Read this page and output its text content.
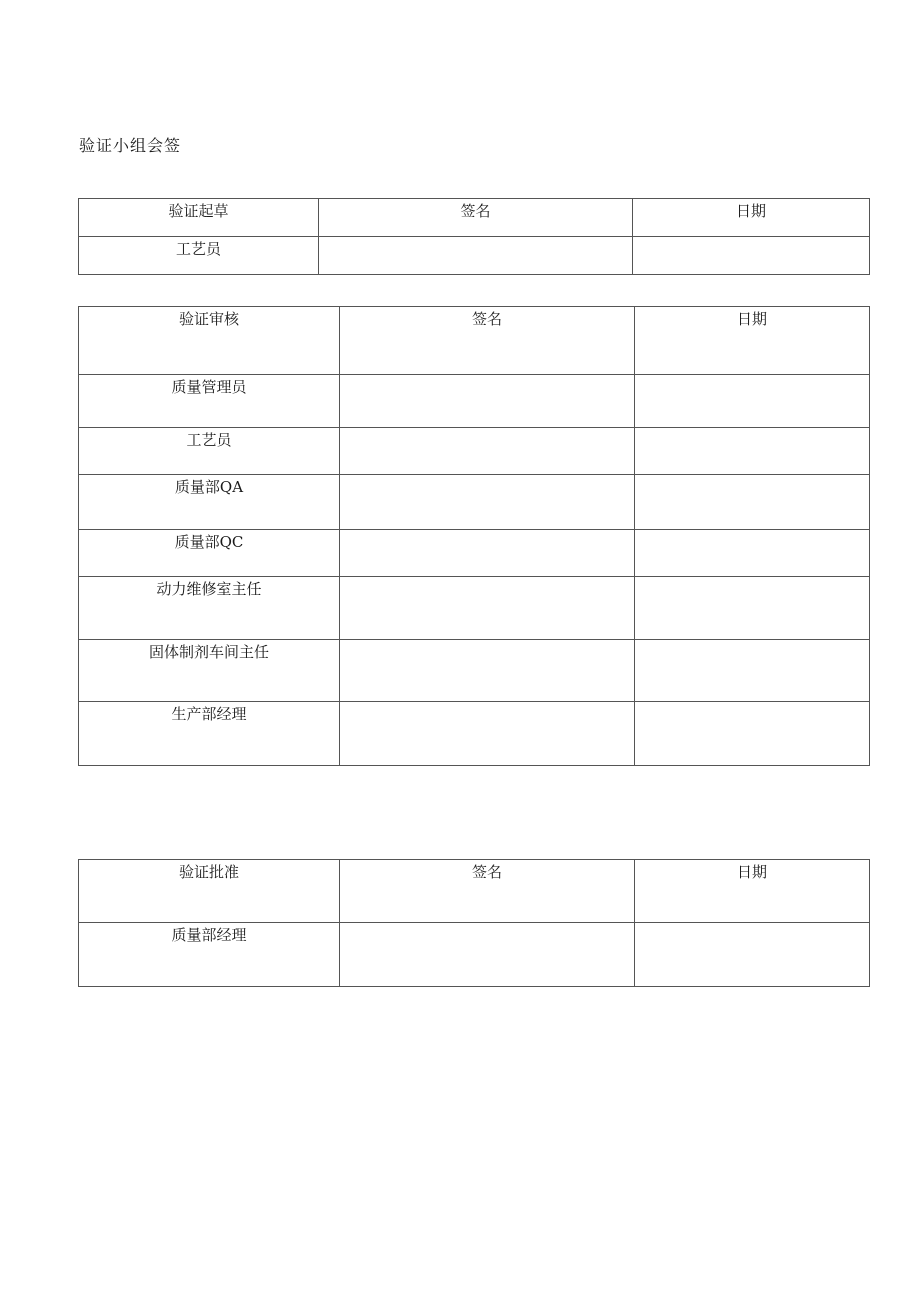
验证小组会签
验证起草	签名	日期

工艺员		

验证审核	签名	日期

质量管理员		

工艺员		

质量部QA		

质量部QC		

动力维修室主任		

固体制剂车间主任		

生产部经理		

验证批准	签名	日期

质量部经理		
